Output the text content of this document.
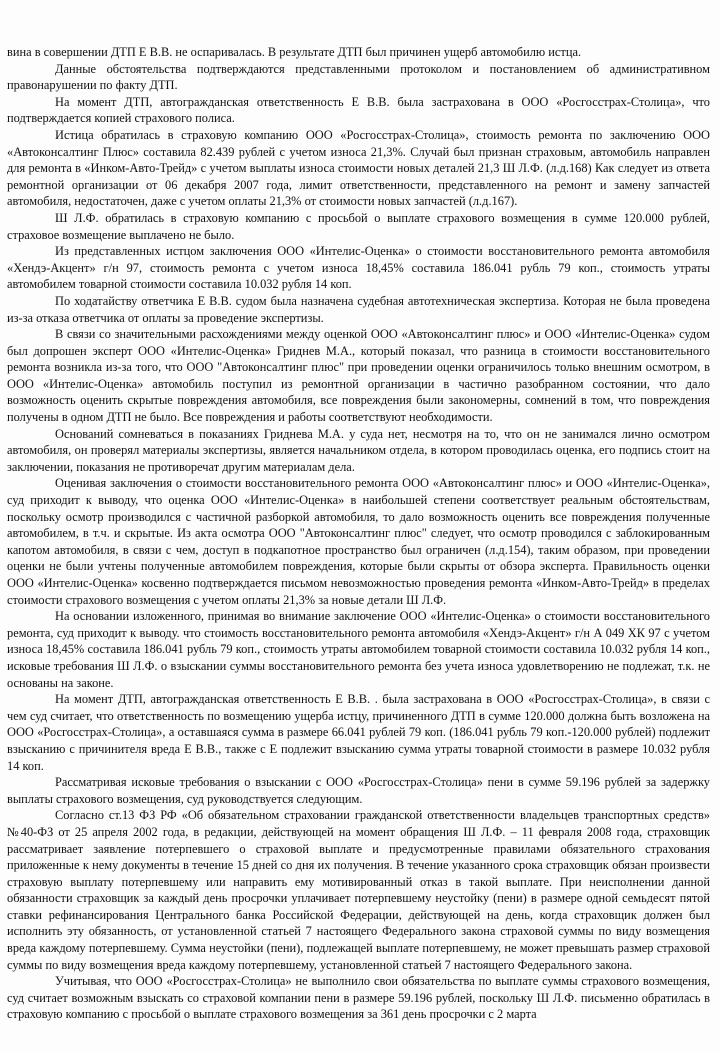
вина в совершении ДТП Е В.В. не оспаривалась. В результате ДТП был причинен ущерб автомобилю истца.

Данные обстоятельства подтверждаются представленными протоколом и постановлением об административном правонарушении по факту ДТП.

На момент ДТП, автогражданская ответственность Е В.В. была застрахована в ООО «Росгосстрах-Столица», что подтверждается копией страхового полиса.

Истица обратилась в страховую компанию ООО «Росгосстрах-Столица», стоимость ремонта по заключению ООО «Автоконсалтинг Плюс» составила 82.439 рублей с учетом износа 21,3%. Случай был признан страховым, автомобиль направлен для ремонта в «Инком-Авто-Трейд» с учетом выплаты износа стоимости новых деталей 21,3 Ш Л.Ф. (л.д.168) Как следует из ответа ремонтной организации от 06 декабря 2007 года, лимит ответственности, представленного на ремонт и замену запчастей автомобиля, недостаточен, даже с учетом оплаты 21,3% от стоимости новых запчастей (л.д.167).

Ш Л.Ф. обратилась в страховую компанию с просьбой о выплате страхового возмещения в сумме 120.000 рублей, страховое возмещение выплачено не было.

Из представленных истцом заключения ООО «Интелис-Оценка» о стоимости восстановительного ремонта автомобиля «Хендэ-Акцент» г/н 97, стоимость ремонта с учетом износа 18,45% составила 186.041 рубль 79 коп., стоимость утраты автомобилем товарной стоимости составила 10.032 рубля 14 коп.

По ходатайству ответчика Е В.В. судом была назначена судебная автотехническая экспертиза. Которая не была проведена из-за отказа ответчика от оплаты за проведение экспертизы.

В связи со значительными расхождениями между оценкой ООО «Автоконсалтинг плюс» и ООО «Интелис-Оценка» судом был допрошен эксперт ООО «Интелис-Оценка» Гриднев М.А., который показал, что разница в стоимости восстановительного ремонта возникла из-за того, что ООО "Автоконсалтинг плюс" при проведении оценки ограничилось только внешним осмотром, в ООО «Интелис-Оценка» автомобиль поступил из ремонтной организации в частично разобранном состоянии, что дало возможность оценить скрытые повреждения автомобиля, все повреждения были закономерны, сомнений в том, что повреждения получены в одном ДТП не было. Все повреждения и работы соответствуют необходимости.

Оснований сомневаться в показаниях Гриднева М.А. у суда нет, несмотря на то, что он не занимался лично осмотром автомобиля, он проверял материалы экспертизы, является начальником отдела, в котором проводилась оценка, его подпись стоит на заключении, показания не противоречат другим материалам дела.

Оценивая заключения о стоимости восстановительного ремонта ООО «Автоконсалтинг плюс» и ООО «Интелис-Оценка», суд приходит к выводу, что оценка ООО «Интелис-Оценка» в наибольшей степени соответствует реальным обстоятельствам, поскольку осмотр производился с частичной разборкой автомобиля, то дало возможность оценить все повреждения полученные автомобилем, в т.ч. и скрытые. Из акта осмотра ООО "Автоконсалтинг плюс" следует, что осмотр проводился с заблокированным капотом автомобиля, в связи с чем, доступ в подкапотное пространство был ограничен (л.д.154), таким образом, при проведении оценки не были учтены полученные автомобилем повреждения, которые были скрыты от обзора эксперта. Правильность оценки ООО «Интелис-Оценка» косвенно подтверждается письмом невозможностью проведения ремонта «Инком-Авто-Трейд» в пределах стоимости страхового возмещения с учетом оплаты 21,3% за новые детали Ш Л.Ф.

На основании изложенного, принимая во внимание заключение ООО «Интелис-Оценка» о стоимости восстановительного ремонта, суд приходит к выводу. что стоимость восстановительного ремонта автомобиля «Хендэ-Акцент» г/н А 049 ХК 97 с учетом износа 18,45% составила 186.041 рубль 79 коп., стоимость утраты автомобилем товарной стоимости составила 10.032 рубля 14 коп., исковые требования Ш Л.Ф. о взыскании суммы восстановительного ремонта без учета износа удовлетворению не подлежат, т.к. не основаны на законе.

На момент ДТП, автогражданская ответственность Е В.В. . была застрахована в ООО «Росгосстрах-Столица», в связи с чем суд считает, что ответственность по возмещению ущерба истцу, причиненного ДТП в сумме 120.000 должна быть возложена на ООО «Росгосстрах-Столица», а оставшаяся сумма в размере 66.041 рублей 79 коп. (186.041 рубль 79 коп.-120.000 рублей) подлежит взысканию с причинителя вреда Е В.В., также с Е подлежит взысканию сумма утраты товарной стоимости в размере 10.032 рубля 14 коп.

Рассматривая исковые требования о взыскании с ООО «Росгосстрах-Столица» пени в сумме 59.196 рублей за задержку выплаты страхового возмещения, суд руководствуется следующим.

Согласно ст.13 ФЗ РФ «Об обязательном страховании гражданской ответственности владельцев транспортных средств» №40-ФЗ от 25 апреля 2002 года, в редакции, действующей на момент обращения Ш Л.Ф. – 11 февраля 2008 года, страховщик рассматривает заявление потерпевшего о страховой выплате и предусмотренные правилами обязательного страхования приложенные к нему документы в течение 15 дней со дня их получения. В течение указанного срока страховщик обязан произвести страховую выплату потерпевшему или направить ему мотивированный отказ в такой выплате. При неисполнении данной обязанности страховщик за каждый день просрочки уплачивает потерпевшему неустойку (пени) в размере одной семьдесят пятой ставки рефинансирования Центрального банка Российской Федерации, действующей на день, когда страховщик должен был исполнить эту обязанность, от установленной статьей 7 настоящего Федерального закона страховой суммы по виду возмещения вреда каждому потерпевшему. Сумма неустойки (пени), подлежащей выплате потерпевшему, не может превышать размер страховой суммы по виду возмещения вреда каждому потерпевшему, установленной статьей 7 настоящего Федерального закона.

Учитывая, что ООО «Росгосстрах-Столица» не выполнило свои обязательства по выплате суммы страхового возмещения, суд считает возможным взыскать со страховой компании пени в размере 59.196 рублей, поскольку Ш Л.Ф. письменно обратилась в страховую компанию с просьбой о выплате страхового возмещения за 361 день просрочки с 2 марта
